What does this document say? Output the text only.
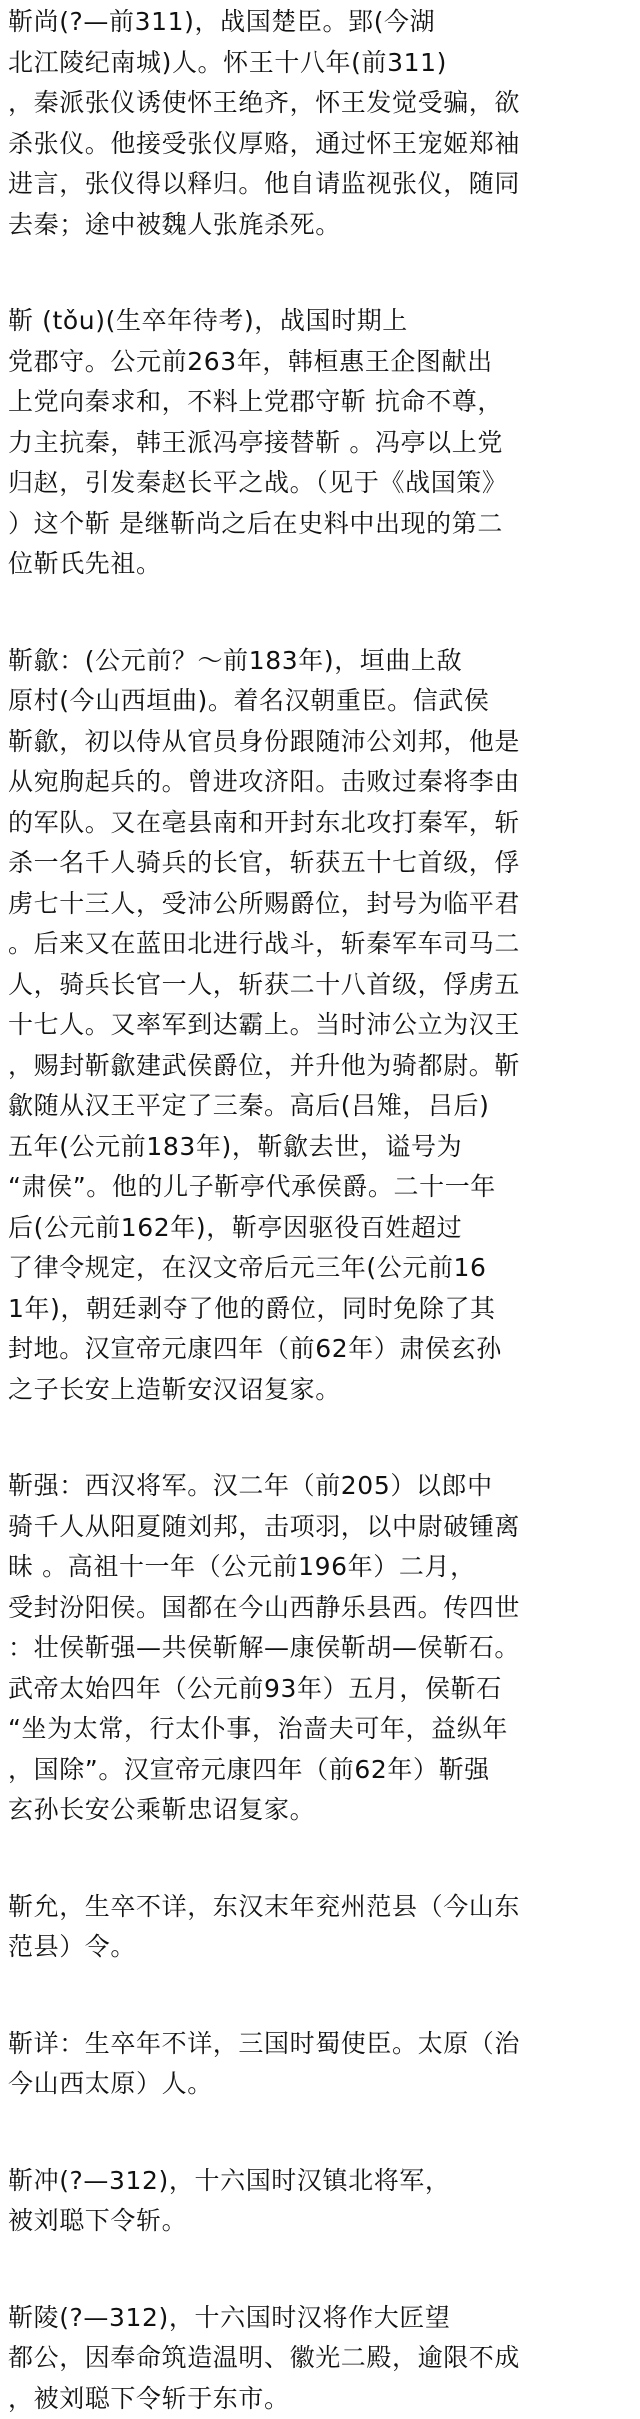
靳尚(?—前311)，战国楚臣。郢(今湖
北江陵纪南城)人。怀王十八年(前311)
，秦派张仪诱使怀王绝齐，怀王发觉受骗，欲
杀张仪。他接受张仪厚赂，通过怀王宠姬郑袖
进言，张仪得以释归。他自请监视张仪，随同
去秦；途中被魏人张旄杀死。
靳 (tǒu)(生卒年待考)，战国时期上
党郡守。公元前263年，韩桓惠王企图献出
上党向秦求和，不料上党郡守靳 抗命不尊，
力主抗秦，韩王派冯亭接替靳 。冯亭以上党
归赵，引发秦赵长平之战。（见于《战国策》
）这个靳 是继靳尚之后在史料中出现的第二
位靳氏先祖。
靳歙：(公元前？～前183年)，垣曲上敌
原村(今山西垣曲)。着名汉朝重臣。信武侯
靳歙，初以侍从官员身份跟随沛公刘邦，他是
从宛朐起兵的。曾进攻济阳。击败过秦将李由
的军队。又在亳县南和开封东北攻打秦军，斩
杀一名千人骑兵的长官，斩获五十七首级，俘
虏七十三人，受沛公所赐爵位，封号为临平君
。后来又在蓝田北进行战斗，斩秦军车司马二
人，骑兵长官一人，斩获二十八首级，俘虏五
十七人。又率军到达霸上。当时沛公立为汉王
，赐封靳歙建武侯爵位，并升他为骑都尉。靳
歙随从汉王平定了三秦。高后(吕雉，吕后)
五年(公元前183年)，靳歙去世，谥号为
“肃侯”。他的儿子靳亭代承侯爵。二十一年
后(公元前162年)，靳亭因驱役百姓超过
了律令规定，在汉文帝后元三年(公元前16
1年)，朝廷剥夺了他的爵位，同时免除了其
封地。汉宣帝元康四年（前62年）肃侯玄孙
之子长安上造靳安汉诏复家。
靳强：西汉将军。汉二年（前205）以郎中
骑千人从阳夏随刘邦，击项羽，以中尉破锺离
昧 。高祖十一年（公元前196年）二月，
受封汾阳侯。国都在今山西静乐县西。传四世
：壮侯靳强—共侯靳解—康侯靳胡—侯靳石。
武帝太始四年（公元前93年）五月，侯靳石
“坐为太常，行太仆事，治啬夫可年，益纵年
，国除”。汉宣帝元康四年（前62年）靳强
玄孙长安公乘靳忠诏复家。
靳允，生卒不详，东汉末年兖州范县（今山东
范县）令。
靳详：生卒年不详，三国时蜀使臣。太原（治
今山西太原）人。
靳冲(?—312)，十六国时汉镇北将军，
被刘聪下令斩。
靳陵(?—312)，十六国时汉将作大匠望
都公，因奉命筑造温明、徽光二殿，逾限不成
，被刘聪下令斩于东市。
